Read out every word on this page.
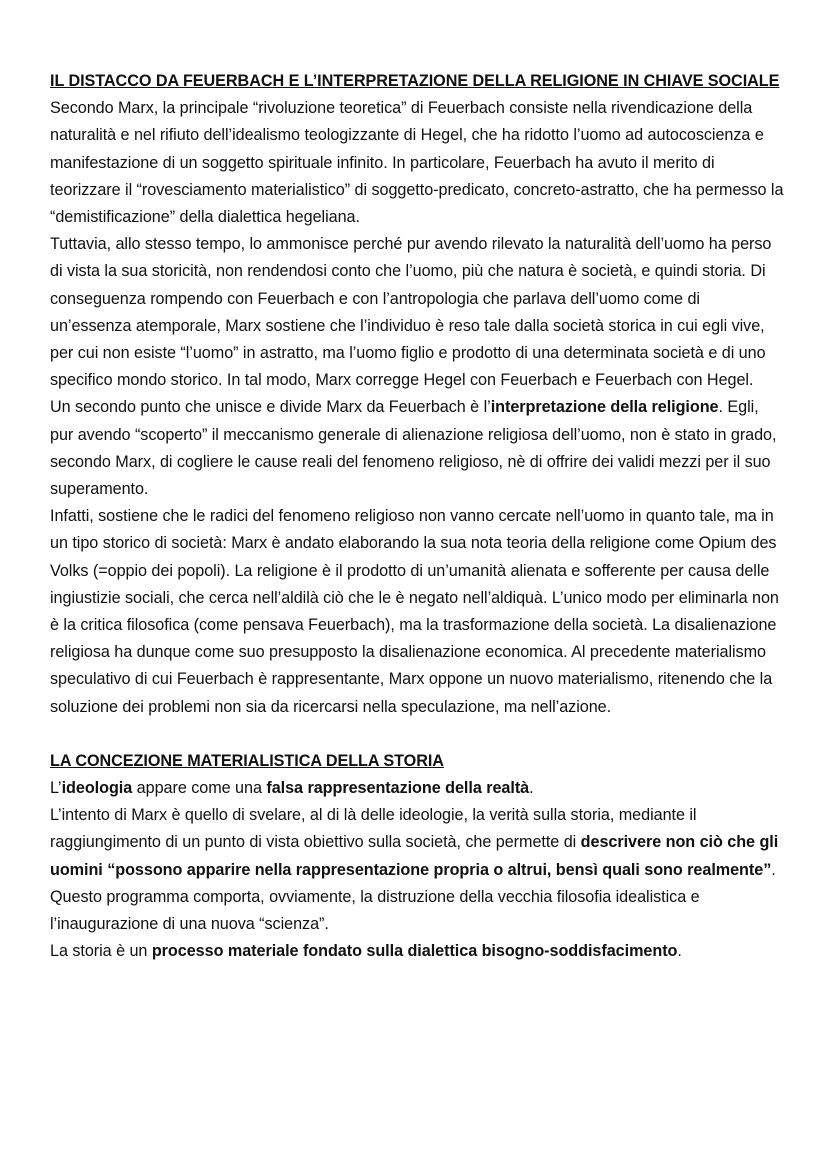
IL DISTACCO DA FEUERBACH E L’INTERPRETAZIONE DELLA RELIGIONE IN CHIAVE SOCIALE

Secondo Marx, la principale “rivoluzione teoretica” di Feuerbach consiste nella rivendicazione della naturalità e nel rifiuto dell’idealismo teologizzante di Hegel, che ha ridotto l’uomo ad autocoscienza e manifestazione di un soggetto spirituale infinito. In particolare, Feuerbach ha avuto il merito di teorizzare il “rovesciamento materialistico” di soggetto-predicato, concreto-astratto, che ha permesso la “demistificazione” della dialettica hegeliana.

Tuttavia, allo stesso tempo, lo ammonisce perché pur avendo rilevato la naturalità dell’uomo ha perso di vista la sua storicità, non rendendosi conto che l’uomo, più che natura è società, e quindi storia. Di conseguenza rompendo con Feuerbach e con l’antropologia che parlava dell’uomo come di un’essenza atemporale, Marx sostiene che l’individuo è reso tale dalla società storica in cui egli vive, per cui non esiste “l’uomo” in astratto, ma l’uomo figlio e prodotto di una determinata società e di uno specifico mondo storico. In tal modo, Marx corregge Hegel con Feuerbach e Feuerbach con Hegel.

Un secondo punto che unisce e divide Marx da Feuerbach è l’interpretazione della religione. Egli, pur avendo “scoperto” il meccanismo generale di alienazione religiosa dell’uomo, non è stato in grado, secondo Marx, di cogliere le cause reali del fenomeno religioso, nè di offrire dei validi mezzi per il suo superamento.

Infatti, sostiene che le radici del fenomeno religioso non vanno cercate nell’uomo in quanto tale, ma in un tipo storico di società: Marx è andato elaborando la sua nota teoria della religione come Opium des Volks (=oppio dei popoli). La religione è il prodotto di un’umanità alienata e sofferente per causa delle ingiustizie sociali, che cerca nell’aldilà ciò che le è negato nell’aldiquà. L’unico modo per eliminarla non è la critica filosofica (come pensava Feuerbach), ma la trasformazione della società. La disalienazione religiosa ha dunque come suo presupposto la disalienazione economica. Al precedente materialismo speculativo di cui Feuerbach è rappresentante, Marx oppone un nuovo materialismo, ritenendo che la soluzione dei problemi non sia da ricercarsi nella speculazione, ma nell’azione.

LA CONCEZIONE MATERIALISTICA DELLA STORIA

L’ideologia appare come una falsa rappresentazione della realtà.

L’intento di Marx è quello di svelare, al di là delle ideologie, la verità sulla storia, mediante il raggiungimento di un punto di vista obiettivo sulla società, che permette di descrivere non ciò che gli uomini “possono apparire nella rappresentazione propria o altrui, bensì quali sono realmente”. Questo programma comporta, ovviamente, la distruzione della vecchia filosofia idealistica e l’inaugurazione di una nuova “scienza”.

La storia è un processo materiale fondato sulla dialettica bisogno-soddisfacimento.
